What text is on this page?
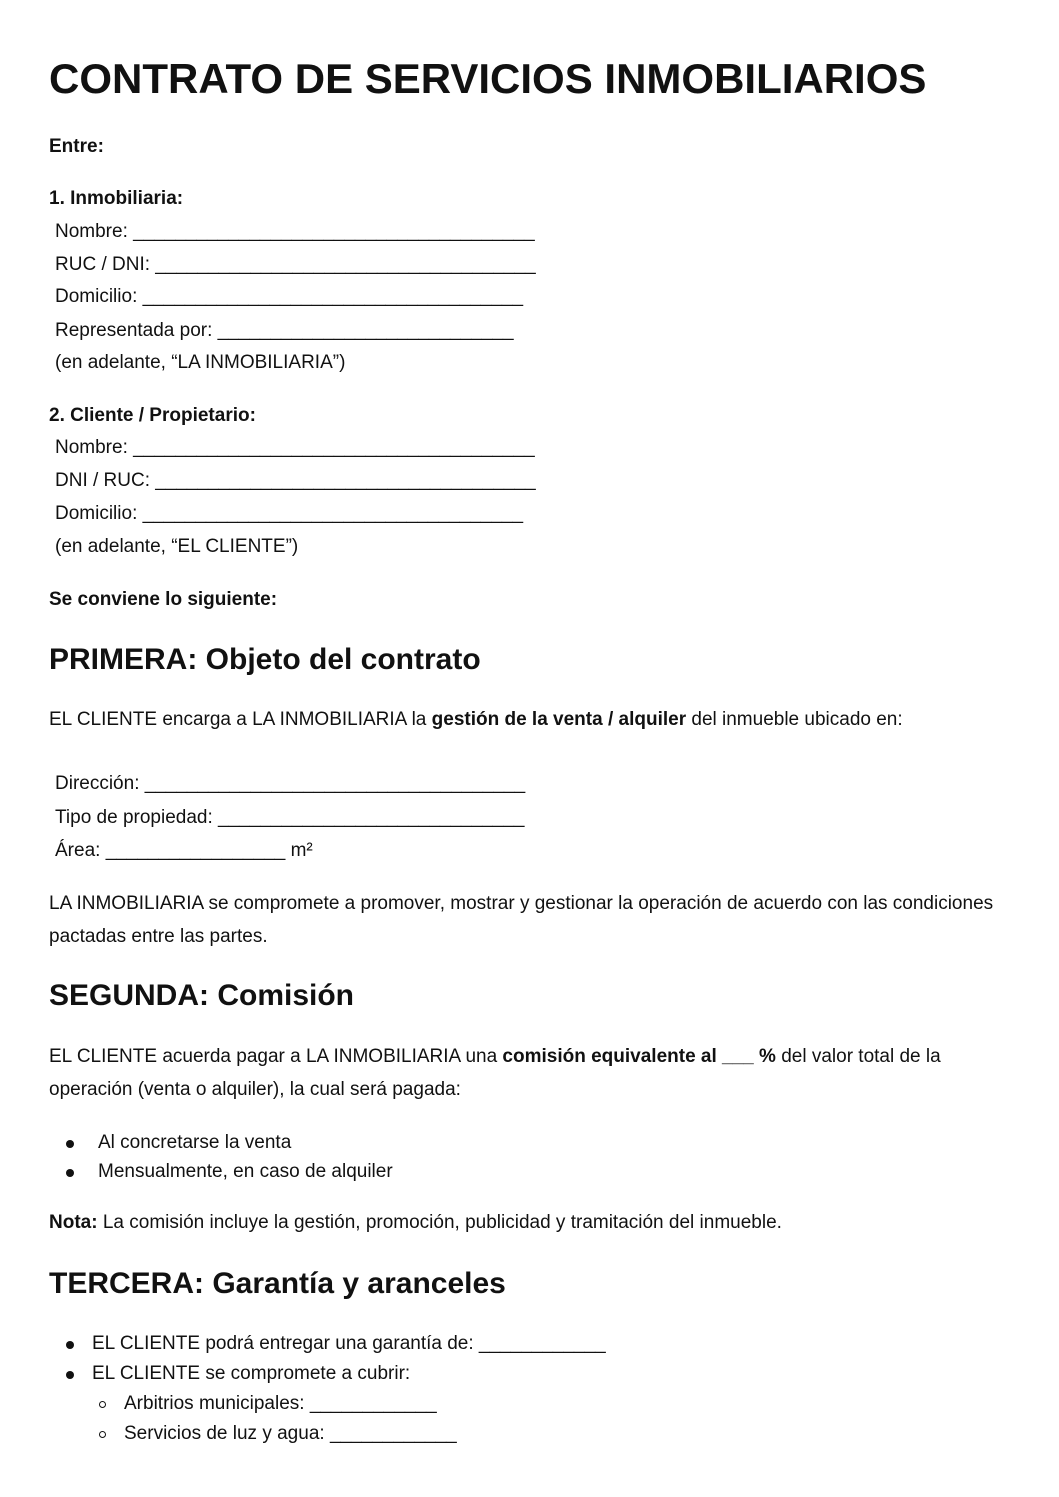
CONTRATO DE SERVICIOS INMOBILIARIOS
Entre:
1. Inmobiliaria:
Nombre: ______________________________________
RUC / DNI: ____________________________________
Domicilio: ____________________________________
Representada por: ____________________________
(en adelante, “LA INMOBILIARIA”)
2. Cliente / Propietario:
Nombre: ______________________________________
DNI / RUC: ____________________________________
Domicilio: ____________________________________
(en adelante, “EL CLIENTE”)
Se conviene lo siguiente:
PRIMERA: Objeto del contrato
EL CLIENTE encarga a LA INMOBILIARIA la gestión de la venta / alquiler del inmueble ubicado en:
Dirección: ____________________________________
Tipo de propiedad: _____________________________
Área: _________________ m²
LA INMOBILIARIA se compromete a promover, mostrar y gestionar la operación de acuerdo con las condiciones pactadas entre las partes.
SEGUNDA: Comisión
EL CLIENTE acuerda pagar a LA INMOBILIARIA una comisión equivalente al ___ % del valor total de la operación (venta o alquiler), la cual será pagada:
Al concretarse la venta
Mensualmente, en caso de alquiler
Nota: La comisión incluye la gestión, promoción, publicidad y tramitación del inmueble.
TERCERA: Garantía y aranceles
EL CLIENTE podrá entregar una garantía de: ____________
EL CLIENTE se compromete a cubrir:
Arbitrios municipales: ____________
Servicios de luz y agua: ____________
